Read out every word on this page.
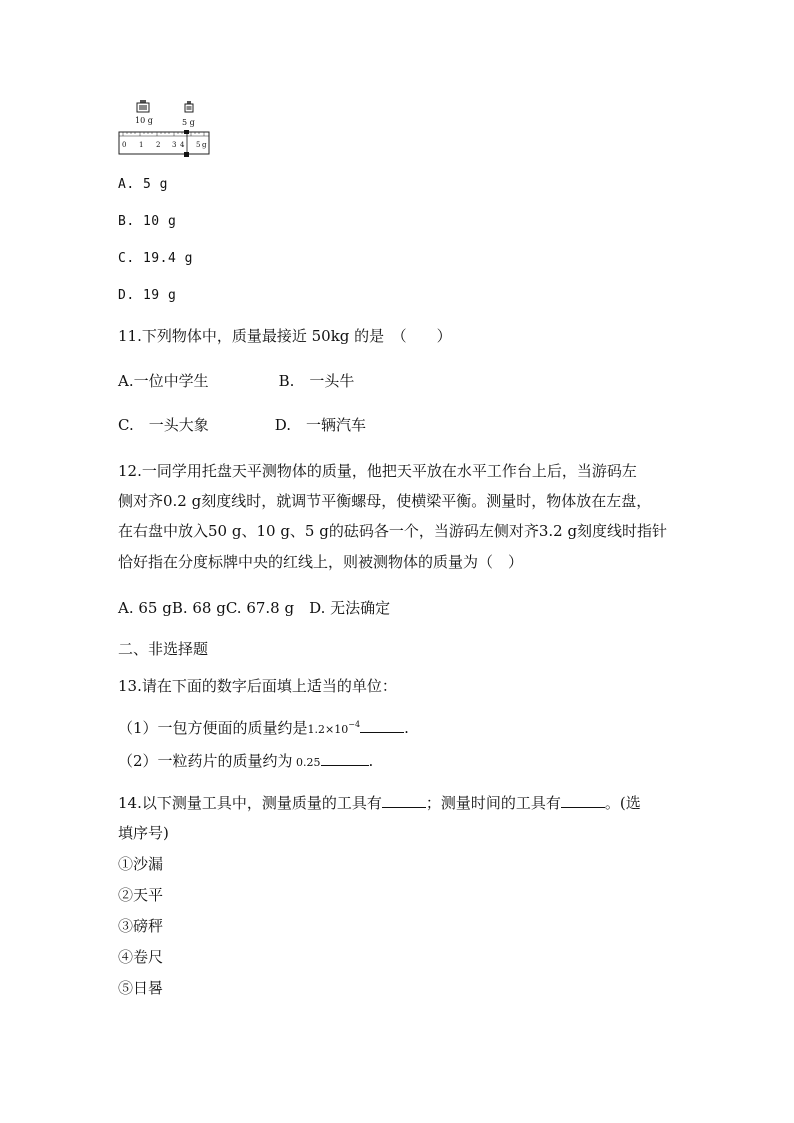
10 g	5 g
0 1 2 3 4 5 g
A. 5 g
B. 10 g
C. 19.4 g
D. 19 g
11.下列物体中，质量最接近 50kg 的是　（　　）
A.一位中学生	B.　一头牛
C.　一头大象	D.　一辆汽车
12.一同学用托盘天平测物体的质量，他把天平放在水平工作台上后，当游码左
侧对齐0.2 g刻度线时，就调节平衡螺母，使横梁平衡。测量时，物体放在左盘，
在右盘中放入50 g、10 g、5 g的砝码各一个，当游码左侧对齐3.2 g刻度线时指针
恰好指在分度标牌中央的红线上，则被测物体的质量为（　）
A. 65 gB. 68 gC. 67.8 g　D. 无法确定
二、非选择题
13.请在下面的数字后面填上适当的单位：
（1）一包方便面的质量约是$1.2\times 10^{-4}$	.
（2）一粒药片的质量约为 0.25	.
14.以下测量工具中，测量质量的工具有	；测量时间的工具有	。(选
填序号)
①沙漏
②天平
③磅秤
④卷尺
⑤日晷
